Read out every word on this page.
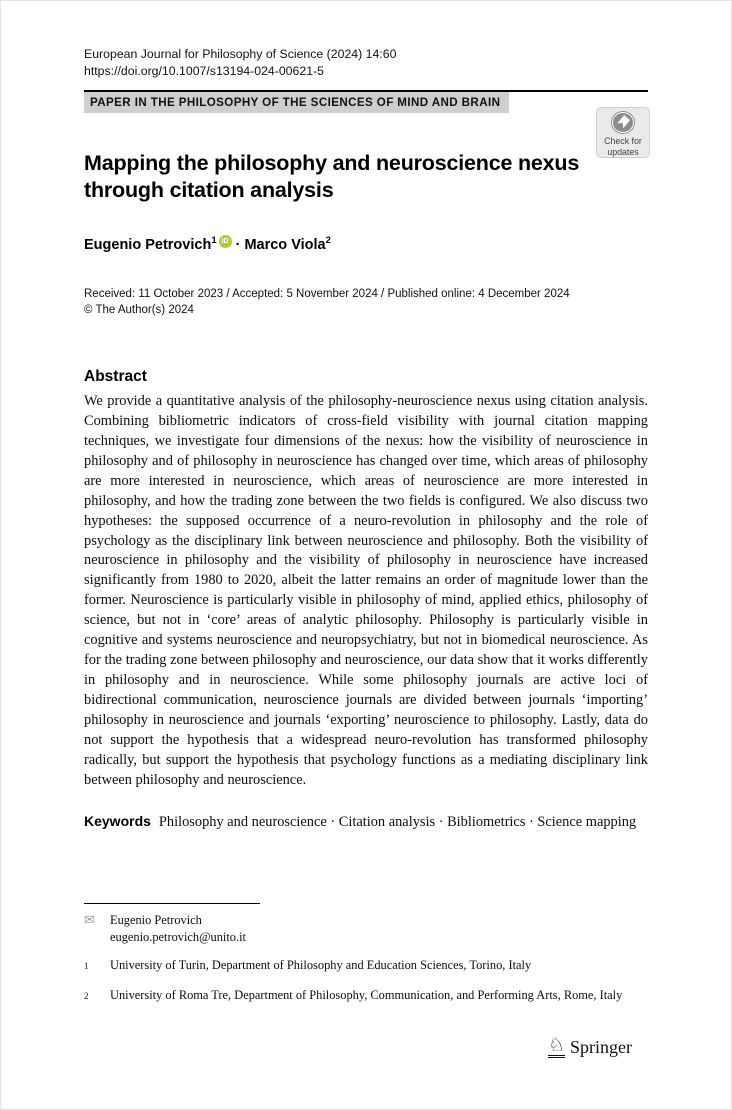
European Journal for Philosophy of Science (2024) 14:60
https://doi.org/10.1007/s13194-024-00621-5
PAPER IN THE PHILOSOPHY OF THE SCIENCES OF MIND AND BRAIN
Mapping the philosophy and neuroscience nexus
through citation analysis
Eugenio Petrovich$^1$ iD · Marco Viola$^2$
Received: 11 October 2023 / Accepted: 5 November 2024 / Published online: 4 December 2024
© The Author(s) 2024
Abstract

We provide a quantitative analysis of the philosophy-neuroscience nexus using citation analysis. Combining bibliometric indicators of cross-field visibility with journal citation mapping techniques, we investigate four dimensions of the nexus: how the visibility of neuroscience in philosophy and of philosophy in neuroscience has changed over time, which areas of philosophy are more interested in neuroscience, which areas of neuroscience are more interested in philosophy, and how the trading zone between the two fields is configured. We also discuss two hypotheses: the supposed occurrence of a neuro-revolution in philosophy and the role of psychology as the disciplinary link between neuroscience and philosophy. Both the visibility of neuroscience in philosophy and the visibility of philosophy in neuroscience have increased significantly from 1980 to 2020, albeit the latter remains an order of magnitude lower than the former. Neuroscience is particularly visible in philosophy of mind, applied ethics, philosophy of science, but not in ‘core’ areas of analytic philosophy. Philosophy is particularly visible in cognitive and systems neuroscience and neuropsychiatry, but not in biomedical neuroscience. As for the trading zone between philosophy and neuroscience, our data show that it works differently in philosophy and in neuroscience. While some philosophy journals are active loci of bidirectional communication, neuroscience journals are divided between journals ‘importing’ philosophy in neuroscience and journals ‘exporting’ neuroscience to philosophy. Lastly, data do not support the hypothesis that a widespread neuro-revolution has transformed philosophy radically, but support the hypothesis that psychology functions as a mediating disciplinary link between philosophy and neuroscience.

Keywords Philosophy and neuroscience · Citation analysis · Bibliometrics · Science mapping
Check for
updates
✉	Eugenio Petrovich
eugenio.petrovich@unito.it
1	University of Turin, Department of Philosophy and Education Sciences, Torino, Italy
2	University of Roma Tre, Department of Philosophy, Communication, and Performing Arts, Rome, Italy
♘ Springer
